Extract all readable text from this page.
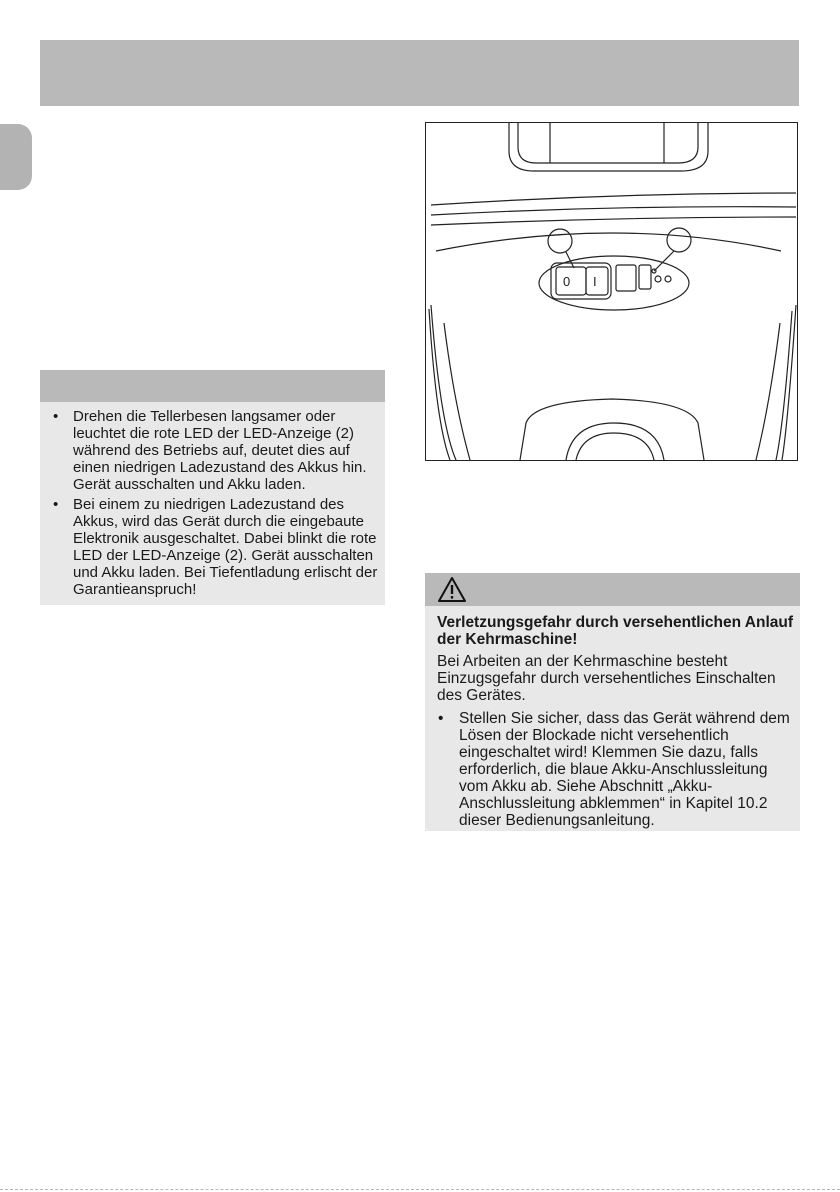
• Drehen die Tellerbesen langsamer oder leuchtet die rote LED der LED-Anzeige (2) während des Betriebs auf, deutet dies auf einen niedrigen Ladezustand des Akkus hin. Gerät ausschalten und Akku laden.
• Bei einem zu niedrigen Ladezustand des Akkus, wird das Gerät durch die eingebaute Elektronik ausgeschaltet. Dabei blinkt die rote LED der LED-Anzeige (2). Gerät ausschalten und Akku laden. Bei Tiefentladung erlischt der Garantieanspruch!
0 I

Verletzungsgefahr durch versehentlichen Anlauf der Kehrmaschine!

Bei Arbeiten an der Kehrmaschine besteht Einzugsgefahr durch versehentliches Einschalten des Gerätes.

• Stellen Sie sicher, dass das Gerät während dem Lösen der Blockade nicht versehentlich eingeschaltet wird! Klemmen Sie dazu, falls erforderlich, die blaue Akku-Anschlussleitung vom Akku ab. Siehe Abschnitt „Akku-Anschlussleitung abklemmen“ in Kapitel 10.2 dieser Bedienungsanleitung.
